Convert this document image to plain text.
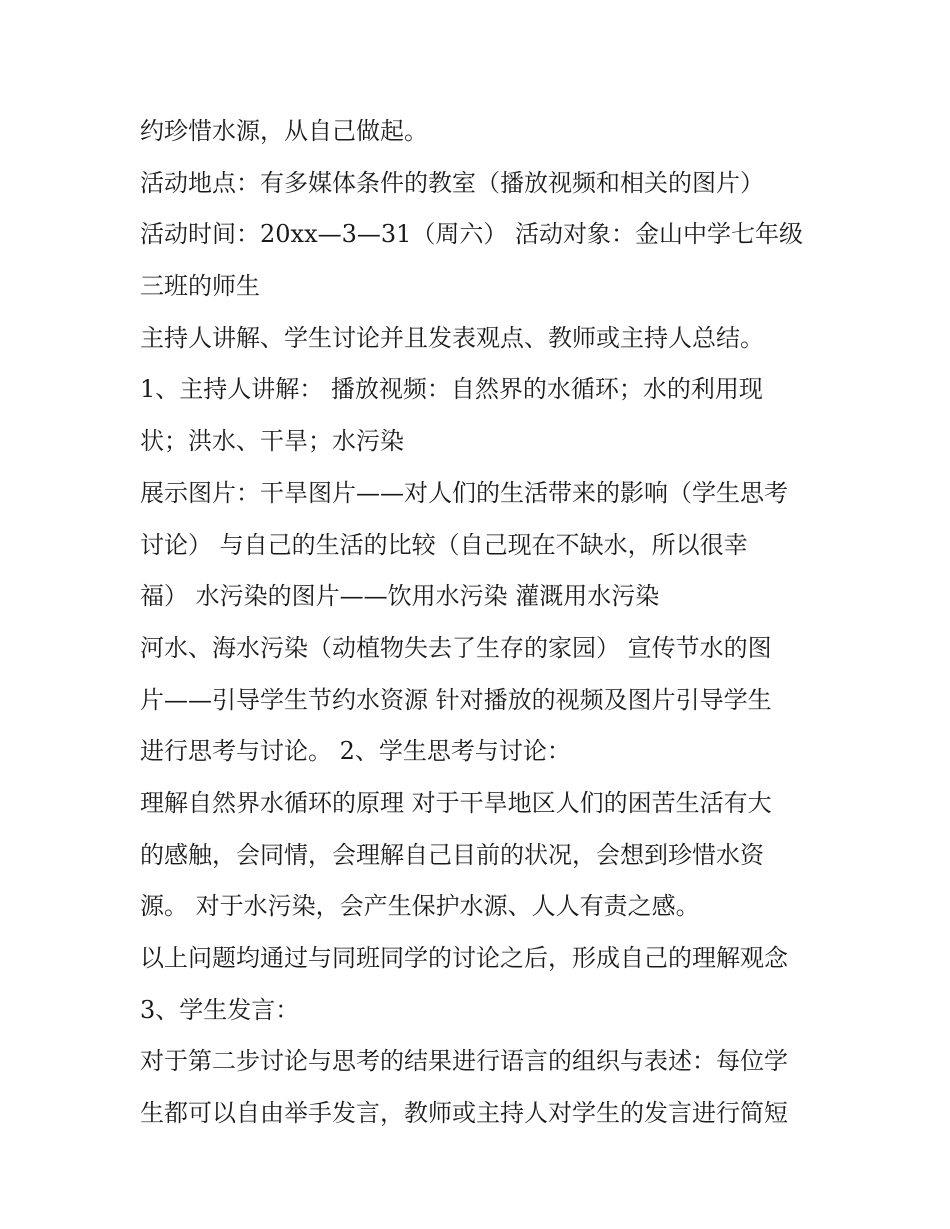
约珍惜水源，从自己做起。
活动地点：有多媒体条件的教室（播放视频和相关的图片）
活动时间：20xx—3—31（周六） 活动对象：金山中学七年级
三班的师生
主持人讲解、学生讨论并且发表观点、教师或主持人总结。
1、主持人讲解： 播放视频：自然界的水循环；水的利用现
状；洪水、干旱；水污染
展示图片：干旱图片——对人们的生活带来的影响（学生思考
讨论） 与自己的生活的比较（自己现在不缺水，所以很幸
福） 水污染的图片——饮用水污染 灌溉用水污染
河水、海水污染（动植物失去了生存的家园） 宣传节水的图
片——引导学生节约水资源 针对播放的视频及图片引导学生
进行思考与讨论。 2、学生思考与讨论：
理解自然界水循环的原理 对于干旱地区人们的困苦生活有大
的感触，会同情，会理解自己目前的状况，会想到珍惜水资
源。 对于水污染，会产生保护水源、人人有责之感。
以上问题均通过与同班同学的讨论之后，形成自己的理解观念
3、学生发言：
对于第二步讨论与思考的结果进行语言的组织与表述：每位学
生都可以自由举手发言，教师或主持人对学生的发言进行简短
